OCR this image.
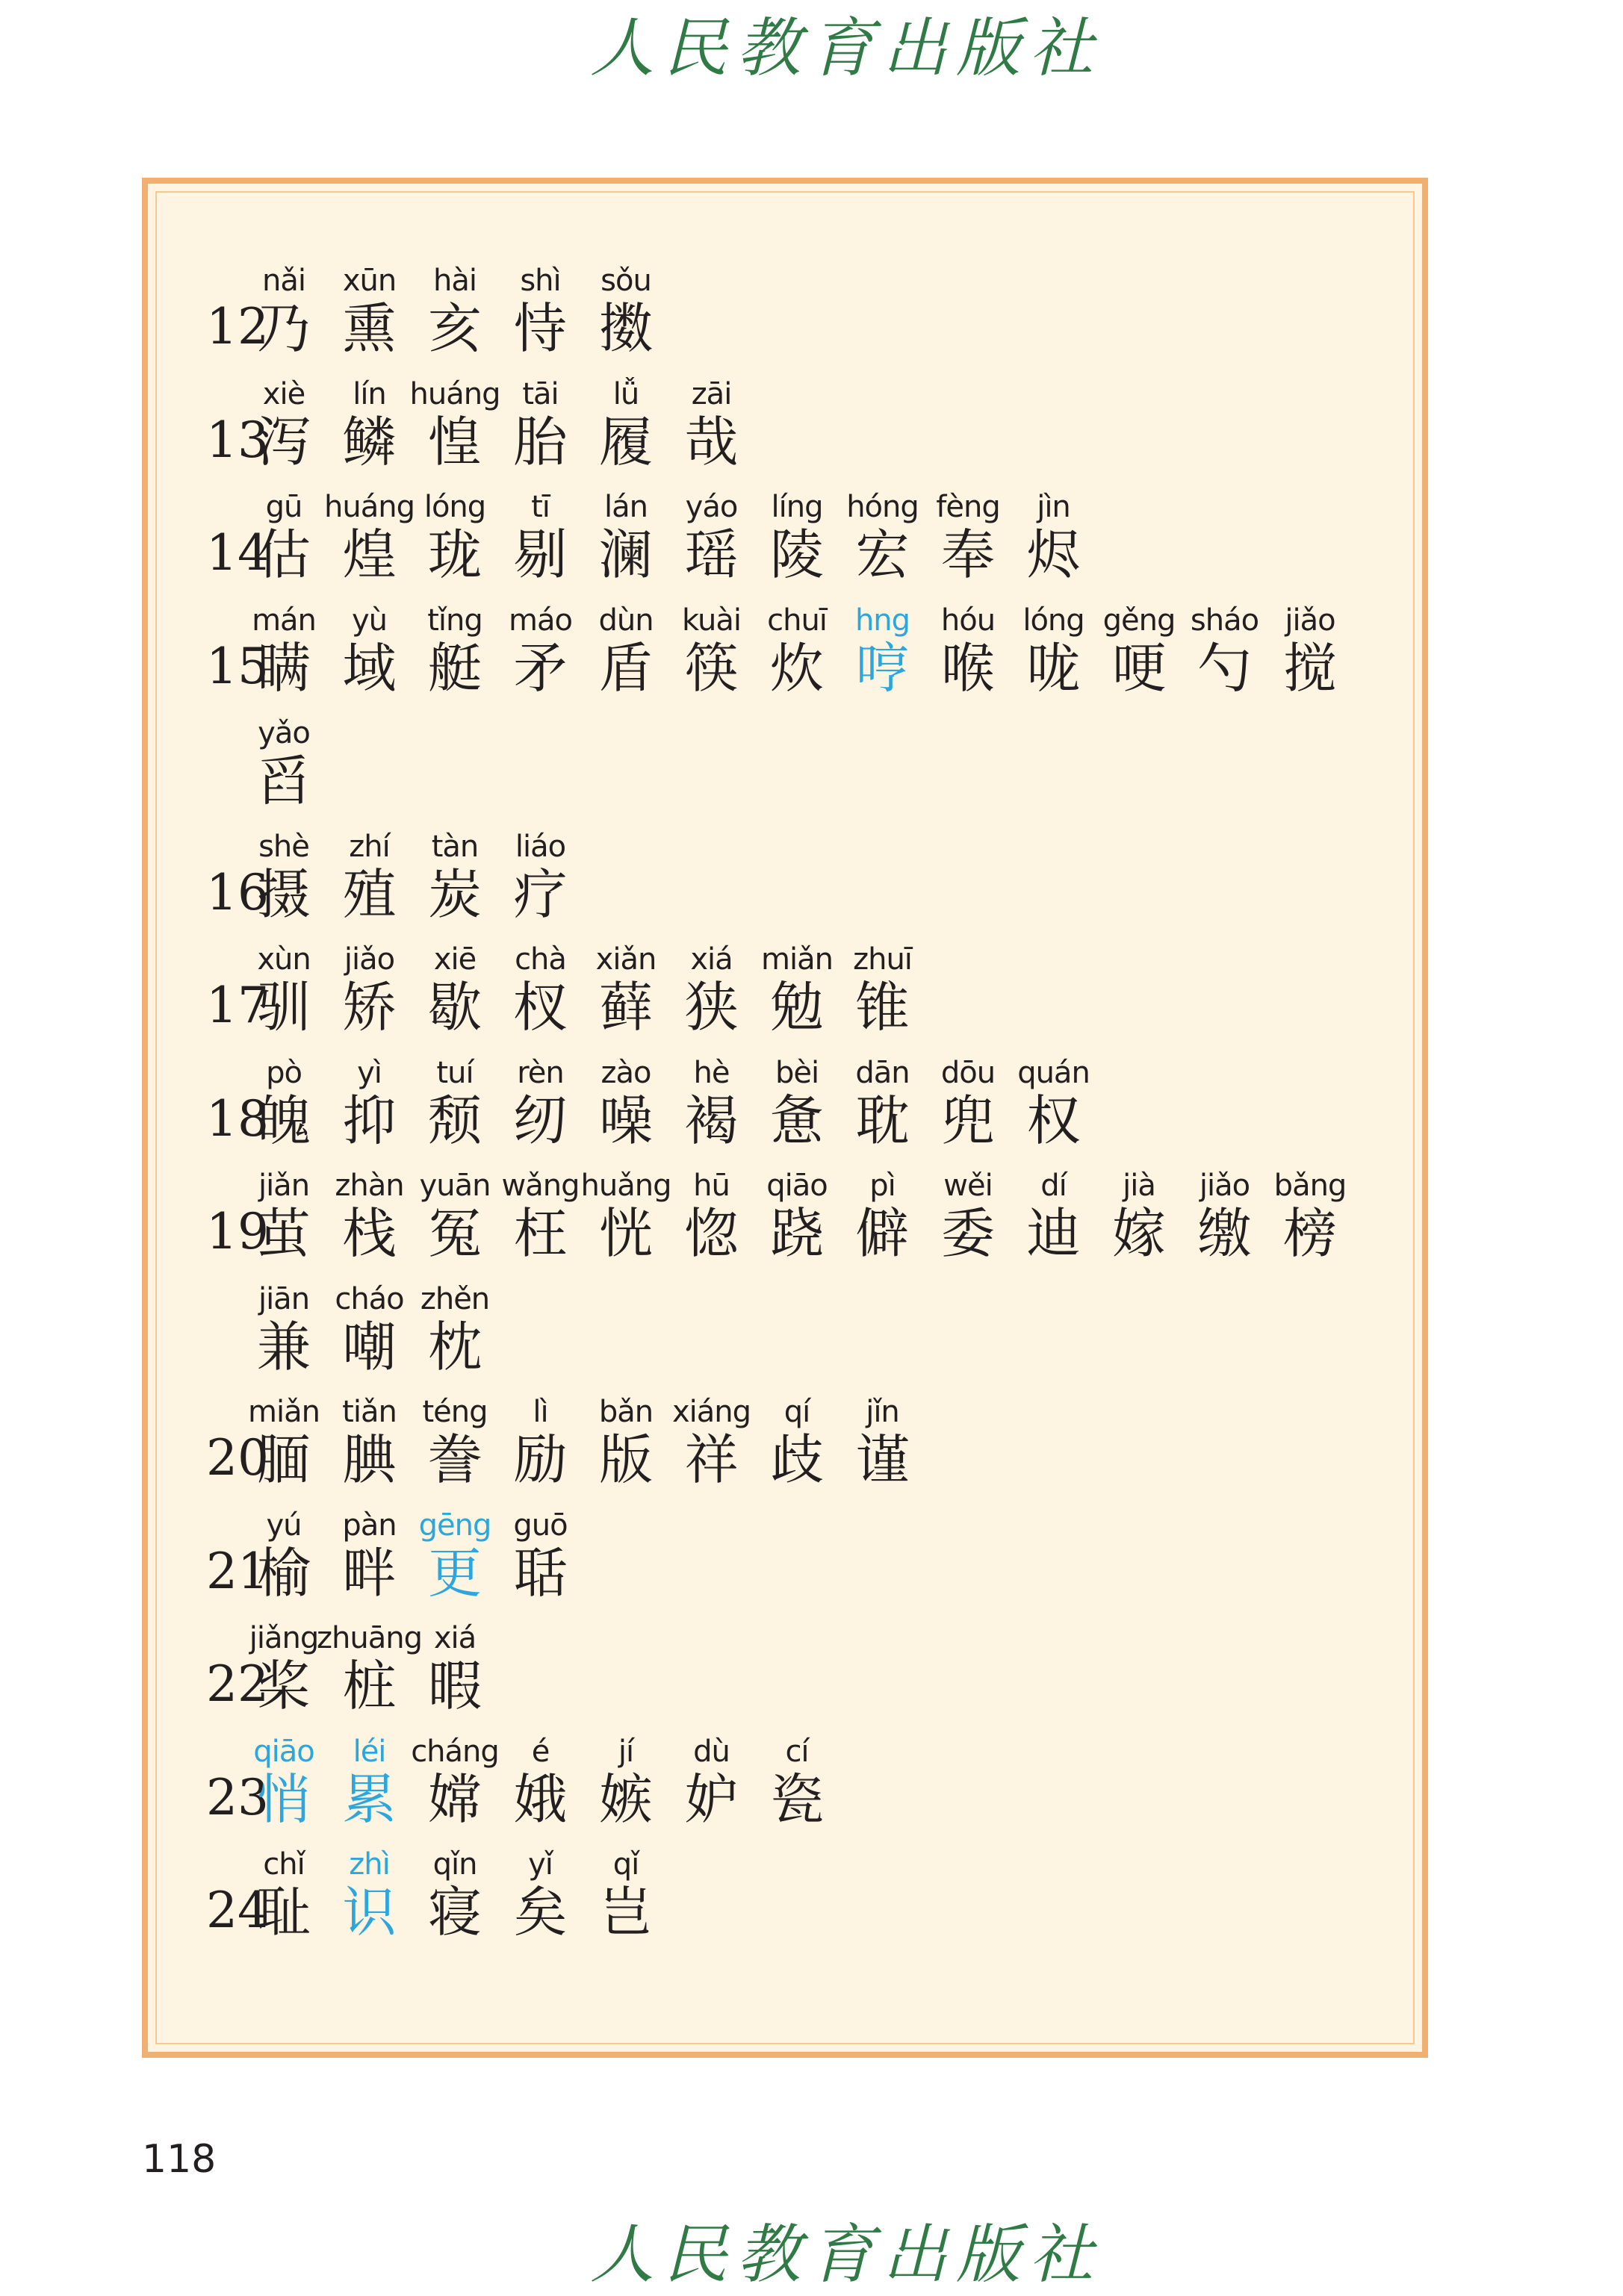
人民教育出版社
12
nǎi
乃
xūn
熏
hài
亥
shì
恃
sǒu
擞
13
xiè
泻
lín
鳞
huáng
惶
tāi
胎
lǚ
履
zāi
哉
14
gū
估
huáng
煌
lóng
珑
tī
剔
lán
澜
yáo
瑶
líng
陵
hóng
宏
fèng
奉
jìn
烬
15
mán
瞒
yù
域
tǐng
艇
máo
矛
dùn
盾
kuài
筷
chuī
炊
hng
哼
hóu
喉
lóng
咙
gěng
哽
sháo
勺
jiǎo
搅
yǎo
舀
16
shè
摄
zhí
殖
tàn
炭
liáo
疗
17
xùn
驯
jiǎo
矫
xiē
歇
chà
杈
xiǎn
藓
xiá
狭
miǎn
勉
zhuī
锥
18
pò
魄
yì
抑
tuí
颓
rèn
纫
zào
噪
hè
褐
bèi
惫
dān
耽
dōu
兜
quán
权
19
jiǎn
茧
zhàn
栈
yuān
冤
wǎng
枉
huǎng
恍
hū
惚
qiāo
跷
pì
僻
wěi
委
dí
迪
jià
嫁
jiǎo
缴
bǎng
榜
jiān
兼
cháo
嘲
zhěn
枕
20
miǎn
腼
tiǎn
腆
téng
誊
lì
励
bǎn
版
xiáng
祥
qí
歧
jǐn
谨
21
yú
榆
pàn
畔
gēng
更
guō
聒
22
jiǎng
桨
zhuāng
桩
xiá
暇
23
qiāo
悄
léi
累
cháng
嫦
é
娥
jí
嫉
dù
妒
cí
瓷
24
chǐ
耻
zhì
识
qǐn
寝
yǐ
矣
qǐ
岂
118
人民教育出版社
